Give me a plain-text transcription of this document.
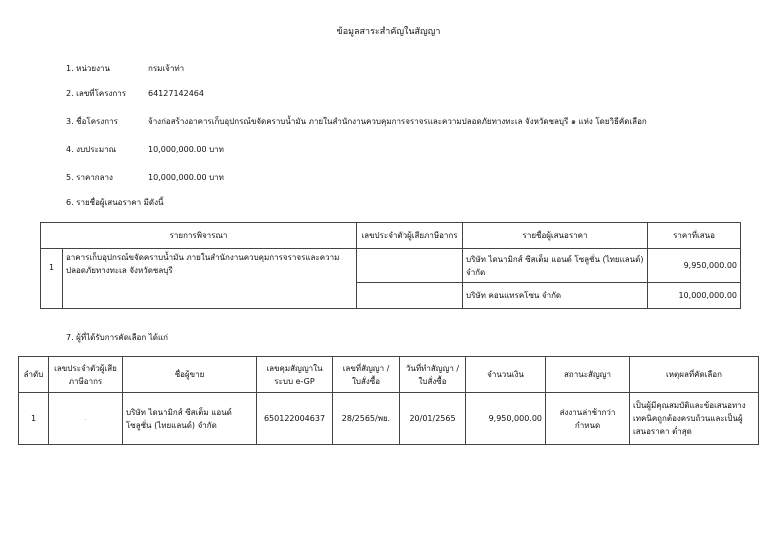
ข้อมูลสาระสำคัญในสัญญา
1. หน่วยงาน	กรมเจ้าท่า
2. เลขที่โครงการ	64127142464
3. ชื่อโครงการ	จ้างก่อสร้างอาคารเก็บอุปกรณ์ขจัดคราบน้ำมัน ภายในสำนักงานควบคุมการจราจรและความปลอดภัยทางทะเล จังหวัดชลบุรี ๑ แห่ง โดยวิธีคัดเลือก
4. งบประมาณ	10,000,000.00 บาท
5. ราคากลาง	10,000,000.00 บาท
6. รายชื่อผู้เสนอราคา มีดังนี้
รายการพิจารณา		เลขประจำตัวผู้เสียภาษีอากร	รายชื่อผู้เสนอราคา	ราคาที่เสนอ
1	อาคารเก็บอุปกรณ์ขจัดคราบน้ำมัน ภายในสำนักงานควบคุมการจราจรและความปลอดภัยทางทะเล จังหวัดชลบุรี		บริษัท ไดนามิกส์ ซีสเต็ม แอนด์ โซลูชั่น (ไทยแลนด์) จำกัด	9,950,000.00
			บริษัท คอนแทรคโซน จำกัด	10,000,000.00
7. ผู้ที่ได้รับการคัดเลือก ได้แก่
ลำดับ	เลขประจำตัวผู้เสียภาษีอากร	ชื่อผู้ขาย	เลขคุมสัญญาในระบบ e-GP	เลขที่สัญญา / ใบสั่งซื้อ	วันที่ทำสัญญา / ใบสั่งซื้อ	จำนวนเงิน	สถานะสัญญา	เหตุผลที่คัดเลือก
1	.	บริษัท ไดนามิกส์ ซีสเต็ม แอนด์ โซลูชั่น (ไทยแลนด์) จำกัด	650122004637	28/2565/พย.	20/01/2565	9,950,000.00	ส่งงานล่าช้ากว่ากำหนด	เป็นผู้มีคุณสมบัติและข้อเสนอทางเทคนิคถูกต้องครบถ้วนและเป็นผู้เสนอราคา ต่ำสุด
